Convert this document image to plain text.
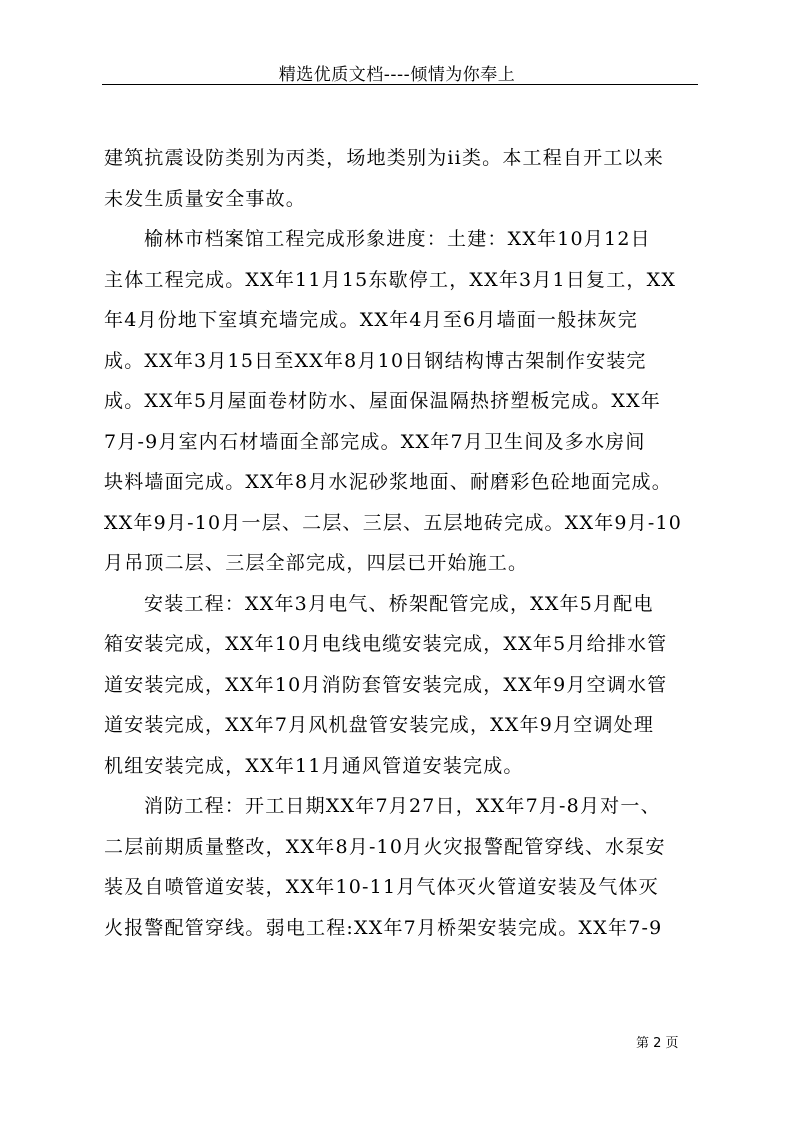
精选优质文档----倾情为你奉上
建筑抗震设防类别为丙类，场地类别为ii类。本工程自开工以来
未发生质量安全事故。
榆林市档案馆工程完成形象进度：土建：XX年10月12日
主体工程完成。XX年11月15东歇停工，XX年3月1日复工，XX
年4月份地下室填充墙完成。XX年4月至6月墙面一般抹灰完
成。XX年3月15日至XX年8月10日钢结构博古架制作安装完
成。XX年5月屋面卷材防水、屋面保温隔热挤塑板完成。XX年
7月-9月室内石材墙面全部完成。XX年7月卫生间及多水房间
块料墙面完成。XX年8月水泥砂浆地面、耐磨彩色砼地面完成。
XX年9月-10月一层、二层、三层、五层地砖完成。XX年9月-10
月吊顶二层、三层全部完成，四层已开始施工。
安装工程：XX年3月电气、桥架配管完成，XX年5月配电
箱安装完成，XX年10月电线电缆安装完成，XX年5月给排水管
道安装完成，XX年10月消防套管安装完成，XX年9月空调水管
道安装完成，XX年7月风机盘管安装完成，XX年9月空调处理
机组安装完成，XX年11月通风管道安装完成。
消防工程：开工日期XX年7月27日，XX年7月-8月对一、
二层前期质量整改，XX年8月-10月火灾报警配管穿线、水泵安
装及自喷管道安装，XX年10-11月气体灭火管道安装及气体灭
火报警配管穿线。弱电工程:XX年7月桥架安装完成。XX年7-9
第 2 页
